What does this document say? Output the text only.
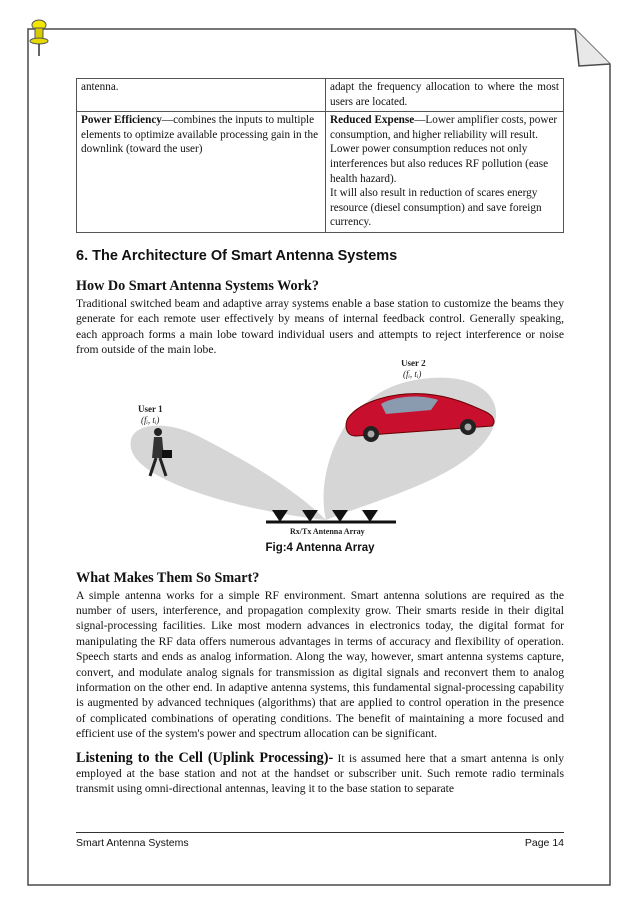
antenna.	adapt the frequency allocation to where the most users are located.
Power Efficiency—combines the inputs to multiple elements to optimize available processing gain in the downlink (toward the user)	Reduced Expense—Lower amplifier costs, power consumption, and higher reliability will result. Lower power consumption reduces not only interferences but also reduces RF pollution (ease health hazard).
It will also result in reduction of scares energy resource (diesel consumption) and save foreign currency.
6. The Architecture Of Smart Antenna Systems
How Do Smart Antenna Systems Work?

Traditional switched beam and adaptive array systems enable a base station to customize the beams they generate for each remote user effectively by means of internal feedback control. Generally speaking, each approach forms a main lobe toward individual users and attempts to reject interference or noise from outside of the main lobe.

User 1
(fᵢ, tᵢ)
User 2
(fᵢ, tᵢ)
Rx/Tx Antenna Array
Fig:4 Antenna Array
What Makes Them So Smart?

A simple antenna works for a simple RF environment. Smart antenna solutions are required as the number of users, interference, and propagation complexity grow. Their smarts reside in their digital signal-processing facilities. Like most modern advances in electronics today, the digital format for manipulating the RF data offers numerous advantages in terms of accuracy and flexibility of operation. Speech starts and ends as analog information. Along the way, however, smart antenna systems capture, convert, and modulate analog signals for transmission as digital signals and reconvert them to analog information on the other end. In adaptive antenna systems, this fundamental signal-processing capability is augmented by advanced techniques (algorithms) that are applied to control operation in the presence of complicated combinations of operating conditions. The benefit of maintaining a more focused and efficient use of the system's power and spectrum allocation can be significant.

Listening to the Cell (Uplink Processing)- It is assumed here that a smart antenna is only employed at the base station and not at the handset or subscriber unit. Such remote radio terminals transmit using omni-directional antennas, leaving it to the base station to separate

Smart Antenna Systems	Page 14
